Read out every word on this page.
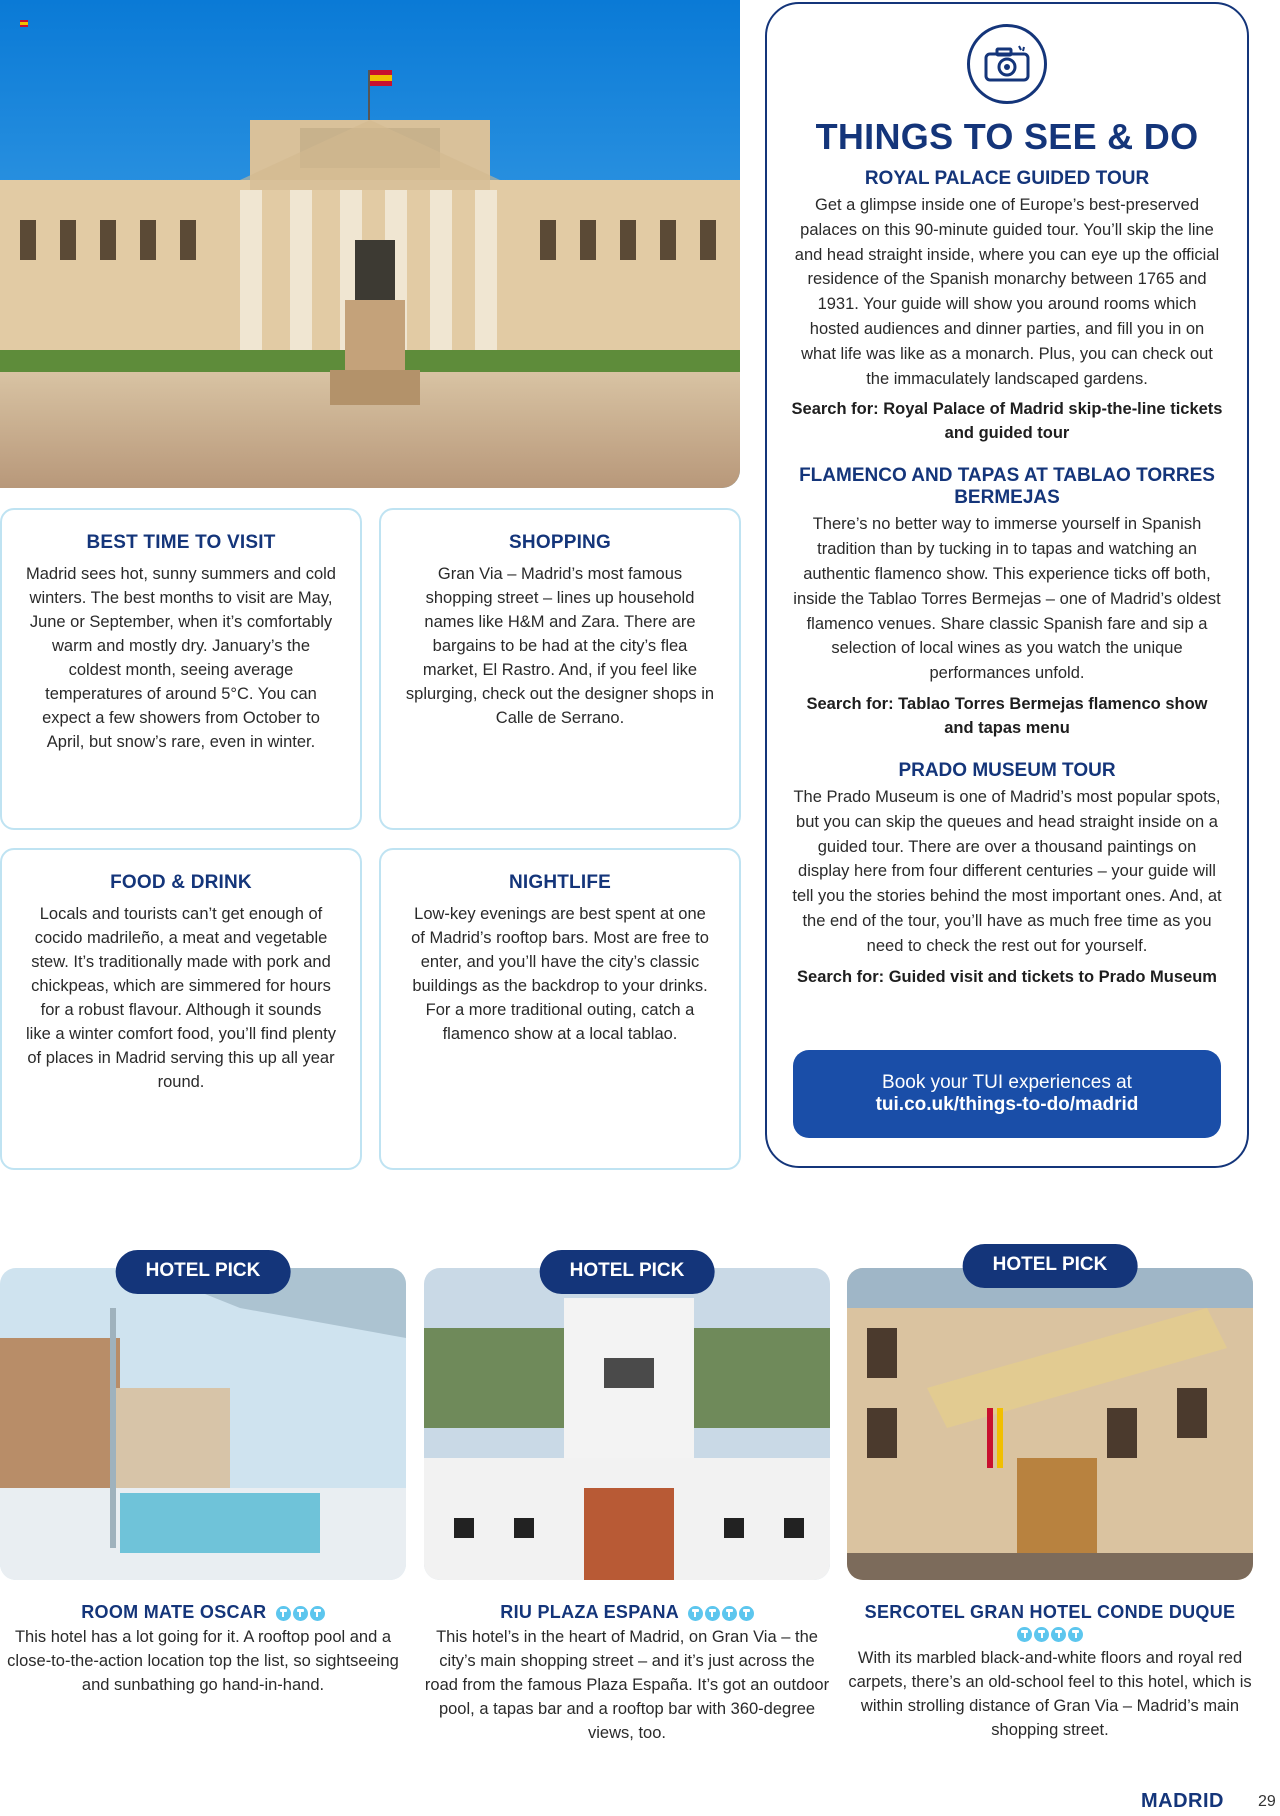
BEST TIME TO VISIT

Madrid sees hot, sunny summers and cold winters. The best months to visit are May, June or September, when it’s comfortably warm and mostly dry. January’s the coldest month, seeing average temperatures of around 5°C. You can expect a few showers from October to April, but snow’s rare, even in winter.

SHOPPING

Gran Via – Madrid’s most famous shopping street – lines up household names like H&M and Zara. There are bargains to be had at the city’s flea market, El Rastro. And, if you feel like splurging, check out the designer shops in Calle de Serrano.

FOOD & DRINK

Locals and tourists can’t get enough of cocido madrileño, a meat and vegetable stew. It’s traditionally made with pork and chickpeas, which are simmered for hours for a robust flavour. Although it sounds like a winter comfort food, you’ll find plenty of places in Madrid serving this up all year round.

NIGHTLIFE

Low-key evenings are best spent at one of Madrid’s rooftop bars. Most are free to enter, and you’ll have the city’s classic buildings as the backdrop to your drinks. For a more traditional outing, catch a flamenco show at a local tablao.

THINGS TO SEE & DO
ROYAL PALACE GUIDED TOUR

Get a glimpse inside one of Europe’s best-preserved palaces on this 90-minute guided tour. You’ll skip the line and head straight inside, where you can eye up the official residence of the Spanish monarchy between 1765 and 1931. Your guide will show you around rooms which hosted audiences and dinner parties, and fill you in on what life was like as a monarch. Plus, you can check out the immaculately landscaped gardens.

Search for: Royal Palace of Madrid skip-the-line tickets and guided tour

FLAMENCO AND TAPAS AT TABLAO TORRES BERMEJAS

There’s no better way to immerse yourself in Spanish tradition than by tucking in to tapas and watching an authentic flamenco show. This experience ticks off both, inside the Tablao Torres Bermejas – one of Madrid’s oldest flamenco venues. Share classic Spanish fare and sip a selection of local wines as you watch the unique performances unfold.

Search for: Tablao Torres Bermejas flamenco show and tapas menu

PRADO MUSEUM TOUR

The Prado Museum is one of Madrid’s most popular spots, but you can skip the queues and head straight inside on a guided tour. There are over a thousand paintings on display here from four different centuries – your guide will tell you the stories behind the most important ones. And, at the end of the tour, you’ll have as much free time as you need to check the rest out for yourself.

Search for: Guided visit and tickets to Prado Museum

Book your TUI experiences at
tui.co.uk/things-to-do/madrid
HOTEL PICK
ROOM MATE OSCAR

This hotel has a lot going for it. A rooftop pool and a close-to-the-action location top the list, so sightseeing and sunbathing go hand-in-hand.

HOTEL PICK
RIU PLAZA ESPANA

This hotel’s in the heart of Madrid, on Gran Via – the city’s main shopping street – and it’s just across the road from the famous Plaza España. It’s got an outdoor pool, a tapas bar and a rooftop bar with 360-degree views, too.

HOTEL PICK
SERCOTEL GRAN HOTEL CONDE DUQUE

With its marbled black-and-white floors and royal red carpets, there’s an old-school feel to this hotel, which is within strolling distance of Gran Via – Madrid’s main shopping street.

MADRID 29
